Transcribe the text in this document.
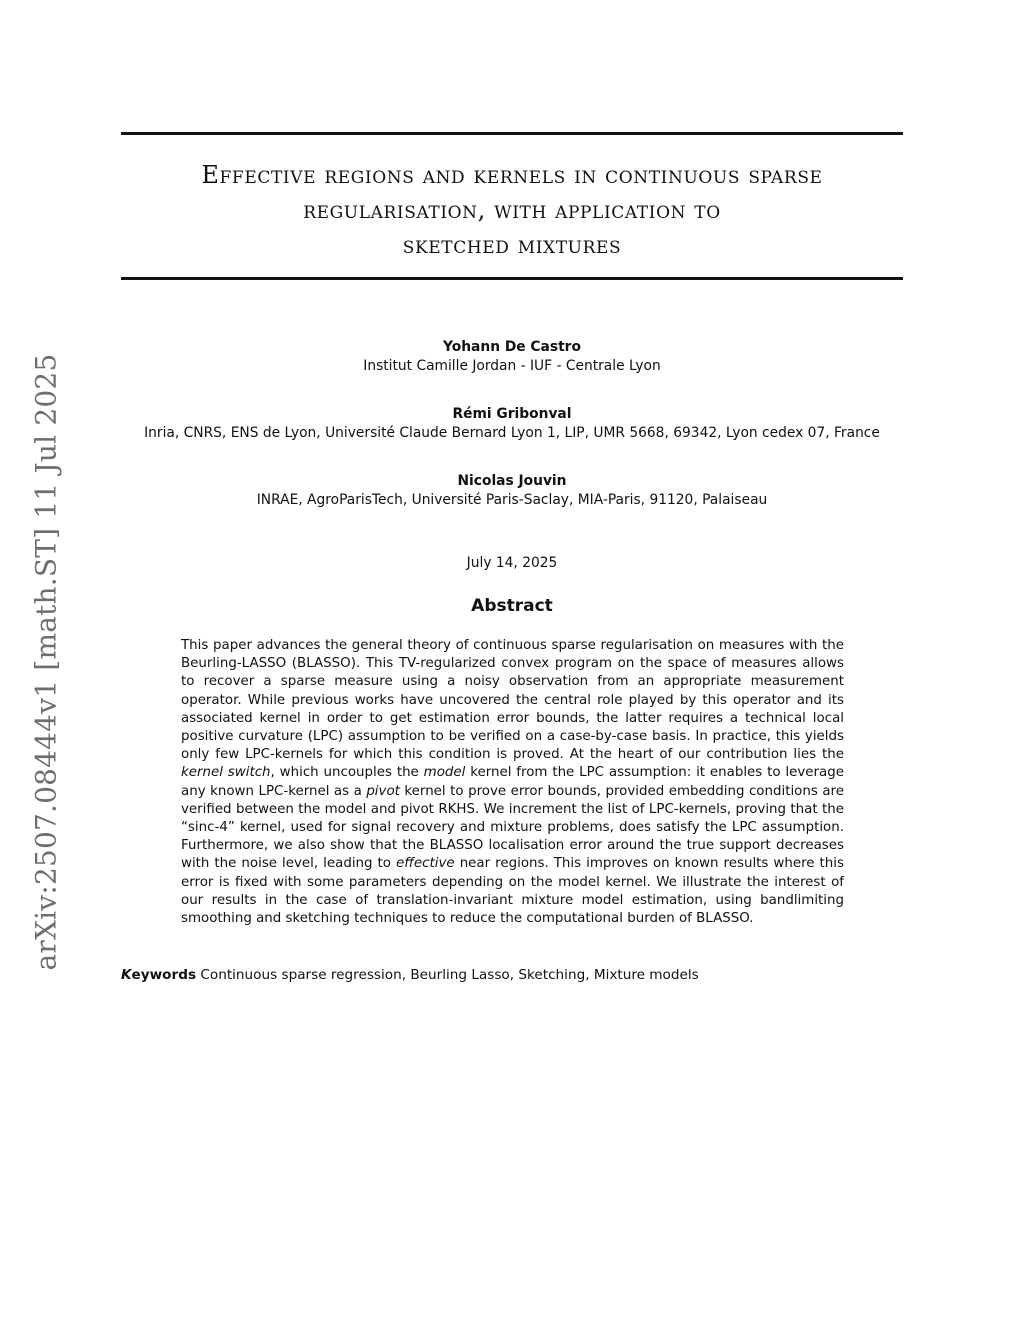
arXiv:2507.08444v1 [math.ST] 11 Jul 2025
Effective regions and kernels in continuous sparse
regularisation, with application to
sketched mixtures
Yohann De Castro
Institut Camille Jordan - IUF - Centrale Lyon
Rémi Gribonval
Inria, CNRS, ENS de Lyon, Université Claude Bernard Lyon 1, LIP, UMR 5668, 69342, Lyon cedex 07, France
Nicolas Jouvin
INRAE, AgroParisTech, Université Paris-Saclay, MIA-Paris, 91120, Palaiseau
July 14, 2025
Abstract

This paper advances the general theory of continuous sparse regularisation on measures with the Beurling-LASSO (BLASSO). This TV-regularized convex program on the space of measures allows to recover a sparse measure using a noisy observation from an appropriate measurement operator. While previous works have uncovered the central role played by this operator and its associated kernel in order to get estimation error bounds, the latter requires a technical local positive curvature (LPC) assumption to be verified on a case-by-case basis. In practice, this yields only few LPC-kernels for which this condition is proved. At the heart of our contribution lies the kernel switch, which uncouples the model kernel from the LPC assumption: it enables to leverage any known LPC-kernel as a pivot kernel to prove error bounds, provided embedding conditions are verified between the model and pivot RKHS. We increment the list of LPC-kernels, proving that the “sinc-4” kernel, used for signal recovery and mixture problems, does satisfy the LPC assumption. Furthermore, we also show that the BLASSO localisation error around the true support decreases with the noise level, leading to effective near regions. This improves on known results where this error is fixed with some parameters depending on the model kernel. We illustrate the interest of our results in the case of translation-invariant mixture model estimation, using bandlimiting smoothing and sketching techniques to reduce the computational burden of BLASSO.

Keywords Continuous sparse regression, Beurling Lasso, Sketching, Mixture models
